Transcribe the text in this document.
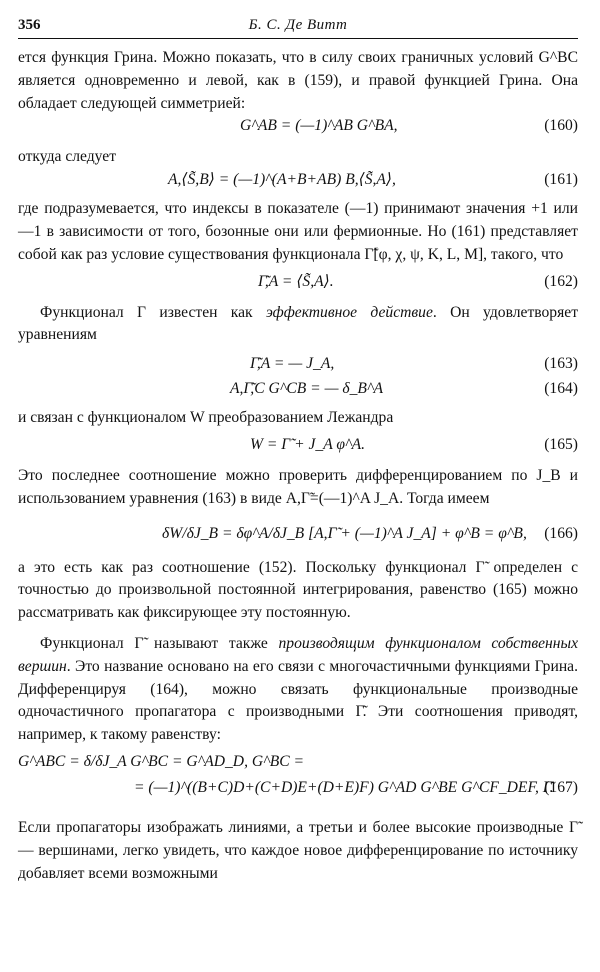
356	Б. С. Де Витт

ется функция Грина. Можно показать, что в силу своих граничных условий G^BC является одновременно и левой, как в (159), и правой функцией Грина. Она обладает следующей симметрией:

G^AB = (—1)^AB G^BA,	(160)

откуда следует

A,⟨S̃,B⟩ = (—1)^(A+B+AB) B,⟨S̃,A⟩,	(161)

где подразумевается, что индексы в показателе (—1) принимают значения +1 или —1 в зависимости от того, бозонные они или фермионные. Но (161) представляет собой как раз условие существования функционала Γ̃[φ, χ, ψ, K, L, M], такого, что

Γ̃,A = ⟨S̃,A⟩.	(162)

Функционал Γ известен как эффективное действие. Он удовлетворяет уравнениям

Γ̃,A = — J_A,	(163)
A,Γ̃,C G^CB = — δ_B^A	(164)

и связан с функционалом W преобразованием Лежандра

W = Γ̃ + J_A φ^A.	(165)

Это последнее соотношение можно проверить дифференцированием по J_B и использованием уравнения (163) в виде A,Γ̃=(—1)^A J_A. Тогда имеем

δW/δJ_B = δφ^A/δJ_B [A,Γ̃ + (—1)^A J_A] + φ^B = φ^B, (166)

а это есть как раз соотношение (152). Поскольку функционал Γ̃ определен с точностью до произвольной постоянной интегрирования, равенство (165) можно рассматривать как фиксирующее эту постоянную.

Функционал Γ̃ называют также производящим функционалом собственных вершин. Это название основано на его связи с многочастичными функциями Грина. Дифференцируя (164), можно связать функциональные производные одночастичного пропагатора с производными Γ̃. Эти соотношения приводят, например, к такому равенству:

G^ABC = δ/δJ_A G^BC = G^AD_D, G^BC =
= (—1)^((B+C)D+(C+D)E+(D+E)F) G^AD G^BE G^CF_DEF, Γ̃.
(167)

Если пропагаторы изображать линиями, а третьи и более высокие производные Γ̃ — вершинами, легко увидеть, что каждое новое дифференцирование по источнику добавляет всеми возможными
